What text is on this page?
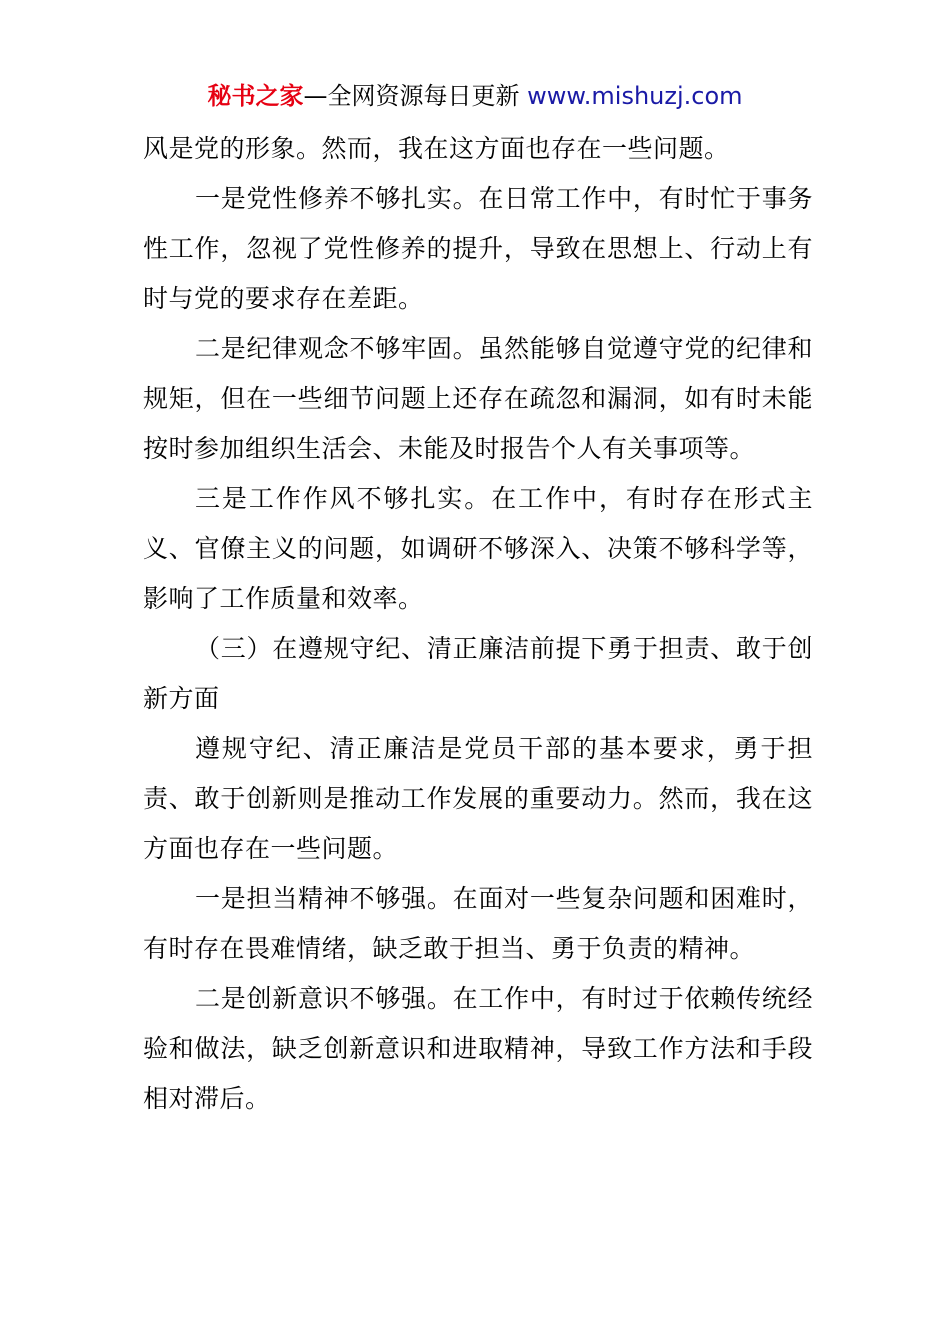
秘书之家—全网资源每日更新 www.mishuzj.com

风是党的形象。然而，我在这方面也存在一些问题。

一是党性修养不够扎实。在日常工作中，有时忙于事务性工作，忽视了党性修养的提升，导致在思想上、行动上有时与党的要求存在差距。

二是纪律观念不够牢固。虽然能够自觉遵守党的纪律和规矩，但在一些细节问题上还存在疏忽和漏洞，如有时未能按时参加组织生活会、未能及时报告个人有关事项等。

三是工作作风不够扎实。在工作中，有时存在形式主义、官僚主义的问题，如调研不够深入、决策不够科学等，影响了工作质量和效率。

（三）在遵规守纪、清正廉洁前提下勇于担责、敢于创新方面

遵规守纪、清正廉洁是党员干部的基本要求，勇于担责、敢于创新则是推动工作发展的重要动力。然而，我在这方面也存在一些问题。

一是担当精神不够强。在面对一些复杂问题和困难时，有时存在畏难情绪，缺乏敢于担当、勇于负责的精神。

二是创新意识不够强。在工作中，有时过于依赖传统经验和做法，缺乏创新意识和进取精神，导致工作方法和手段相对滞后。
